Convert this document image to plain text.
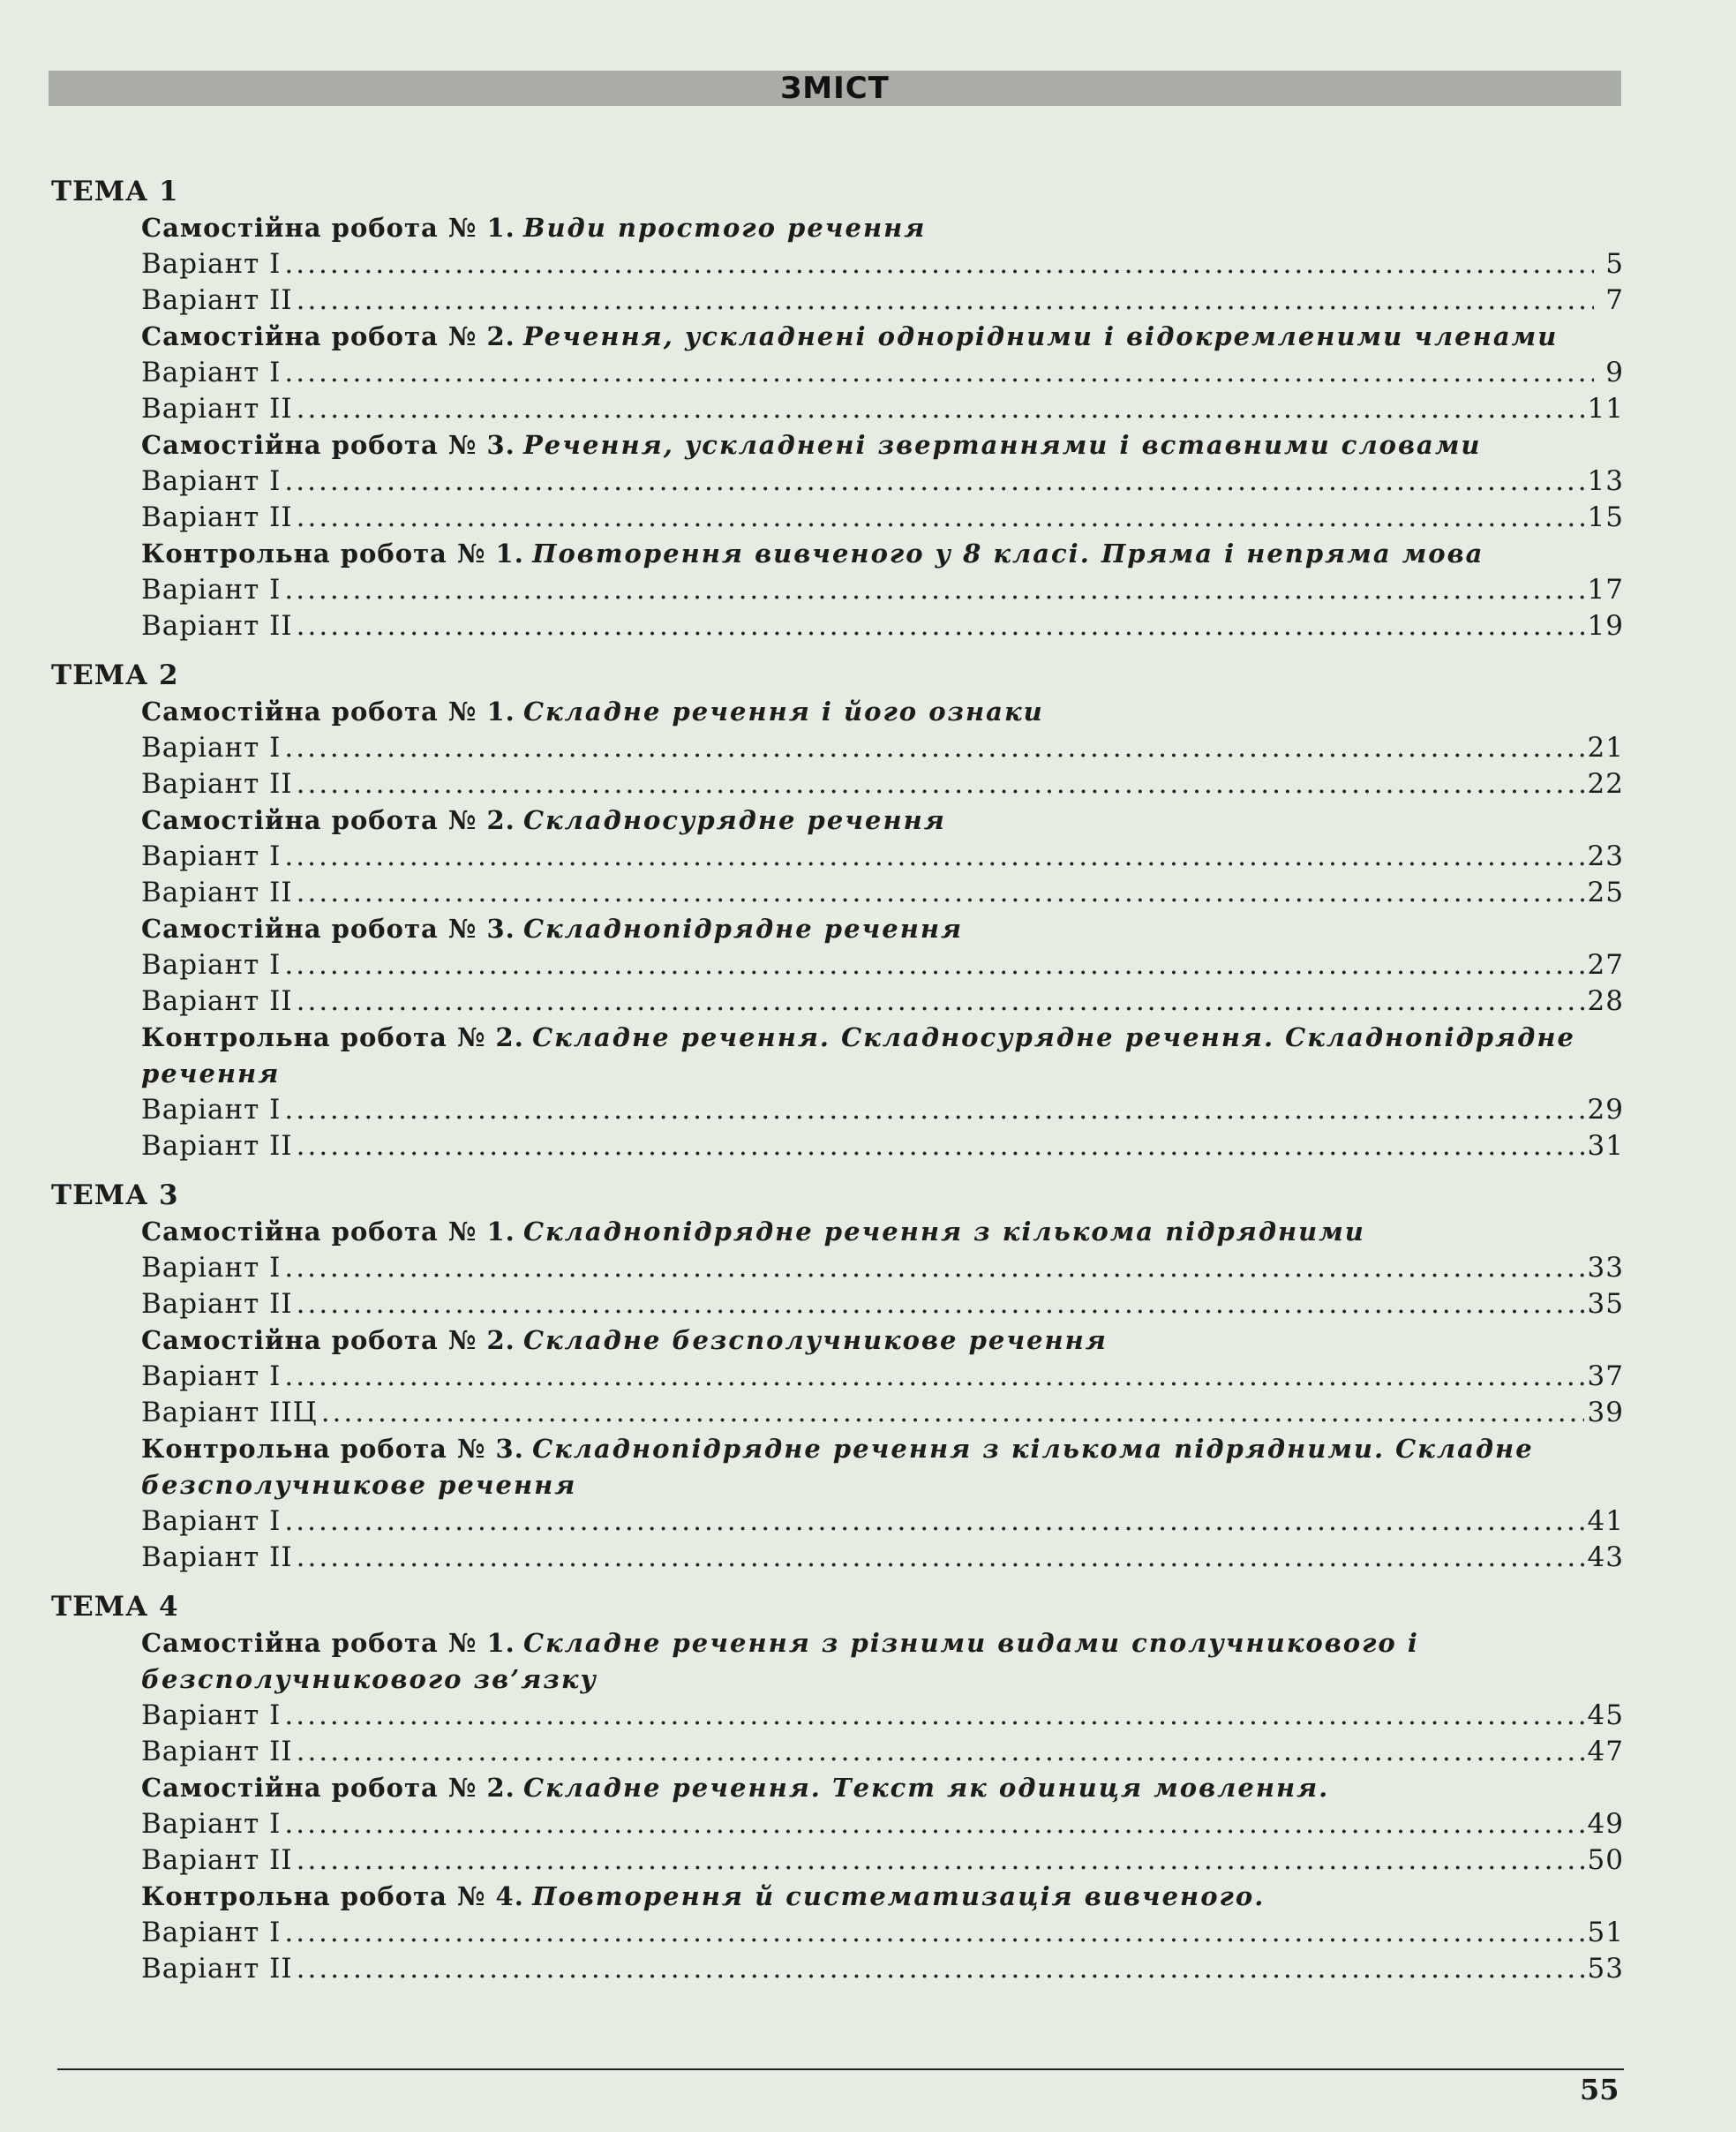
ЗМІСТ
ТЕМА 1
Самостійна робота № 1. Види простого речення
Варіант І .....	5
Варіант ІІ .....	7
Самостійна робота № 2. Речення, ускладнені однорідними і відокремленими членами
Варіант І .....	9
Варіант ІІ .....	11
Самостійна робота № 3. Речення, ускладнені звертаннями і вставними словами
Варіант І .....	13
Варіант ІІ .....	15
Контрольна робота № 1. Повторення вивченого у 8 класі. Пряма і непряма мова
Варіант І .....	17
Варіант ІІ .....	19
ТЕМА 2
Самостійна робота № 1. Складне речення і його ознаки
Варіант І .....	21
Варіант ІІ .....	22
Самостійна робота № 2. Складносурядне речення
Варіант І .....	23
Варіант ІІ .....	25
Самостійна робота № 3. Складнопідрядне речення
Варіант І .....	27
Варіант ІІ .....	28
Контрольна робота № 2. Складне речення. Складносурядне речення. Складнопідрядне речення
Варіант І .....	29
Варіант ІІ .....	31
ТЕМА 3
Самостійна робота № 1. Складнопідрядне речення з кількома підрядними
Варіант І .....	33
Варіант ІІ .....	35
Самостійна робота № 2. Складне безсполучникове речення
Варіант І .....	37
Варіант ІІЦ .....	39
Контрольна робота № 3. Складнопідрядне речення з кількома підрядними. Складне безсполучникове речення
Варіант І .....	41
Варіант ІІ .....	43
ТЕМА 4
Самостійна робота № 1. Складне речення з різними видами сполучникового і безсполучникового зв’язку
Варіант І .....	45
Варіант ІІ .....	47
Самостійна робота № 2. Складне речення. Текст як одиниця мовлення.
Варіант І .....	49
Варіант ІІ .....	50
Контрольна робота № 4. Повторення й систематизація вивченого.
Варіант І .....	51
Варіант ІІ .....	53
55
